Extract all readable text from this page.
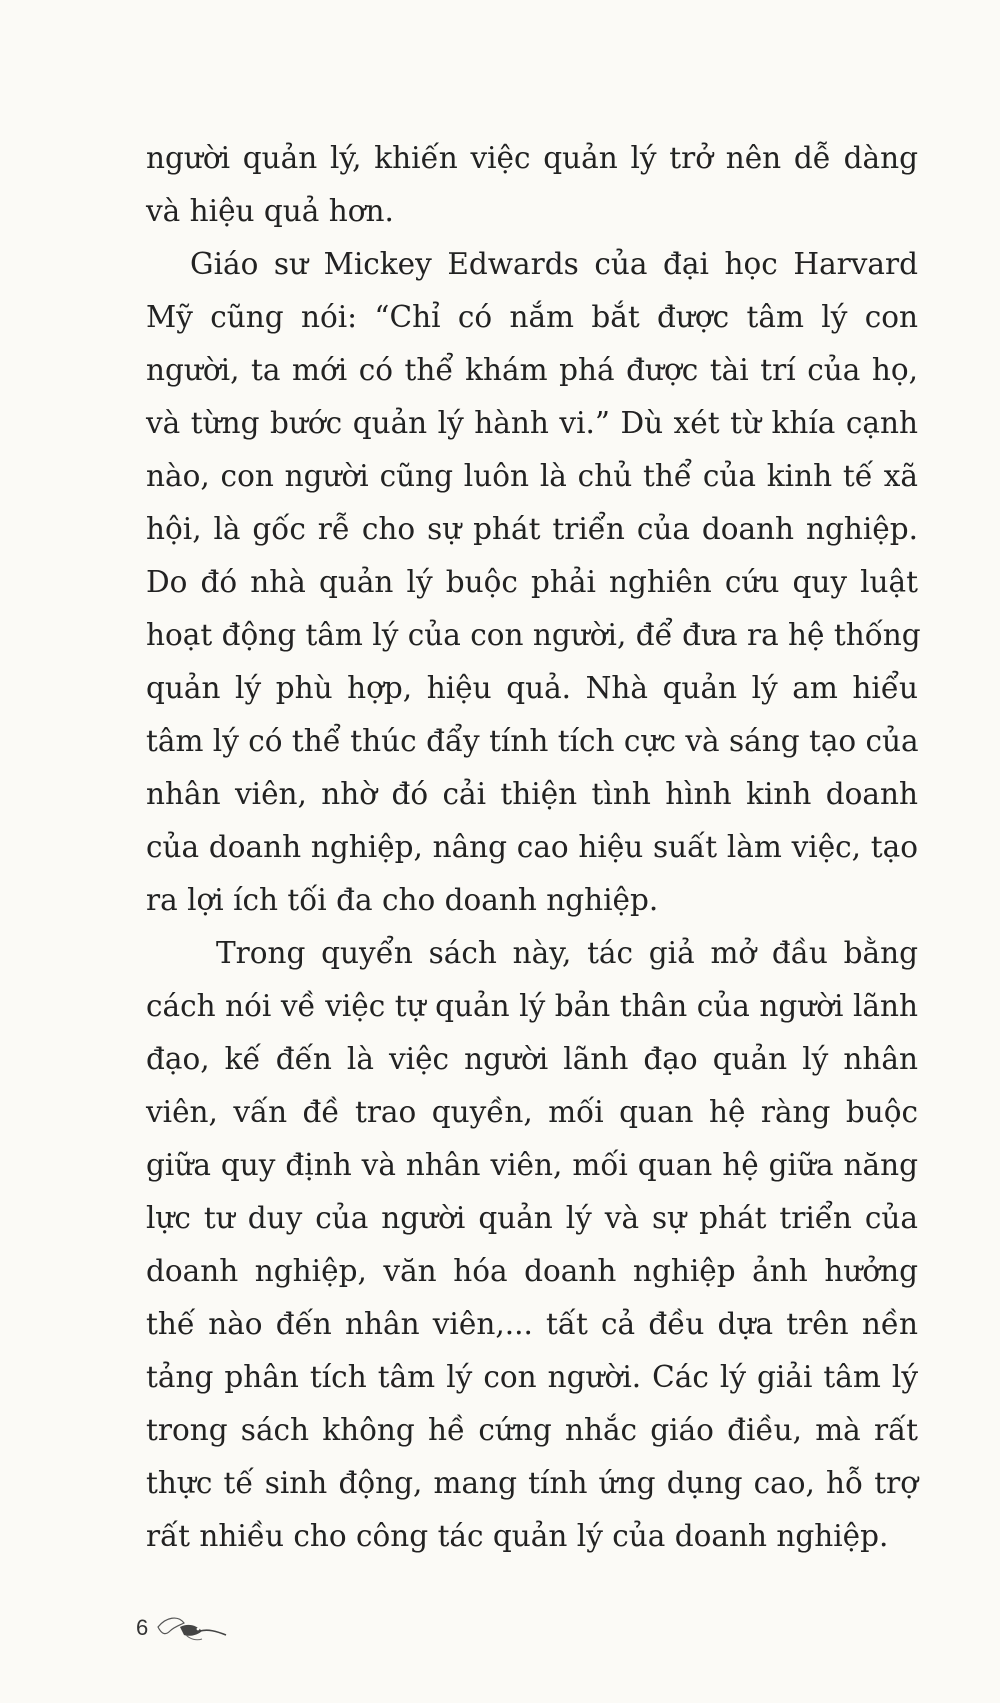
người quản lý, khiến việc quản lý trở nên dễ dàng
và hiệu quả hơn.
Giáo sư Mickey Edwards của đại học Harvard
Mỹ cũng nói: “Chỉ có nắm bắt được tâm lý con
người, ta mới có thể khám phá được tài trí của họ,
và từng bước quản lý hành vi.” Dù xét từ khía cạnh
nào, con người cũng luôn là chủ thể của kinh tế xã
hội, là gốc rễ cho sự phát triển của doanh nghiệp.
Do đó nhà quản lý buộc phải nghiên cứu quy luật
hoạt động tâm lý của con người, để đưa ra hệ thống
quản lý phù hợp, hiệu quả. Nhà quản lý am hiểu
tâm lý có thể thúc đẩy tính tích cực và sáng tạo của
nhân viên, nhờ đó cải thiện tình hình kinh doanh
của doanh nghiệp, nâng cao hiệu suất làm việc, tạo
ra lợi ích tối đa cho doanh nghiệp.
Trong quyển sách này, tác giả mở đầu bằng
cách nói về việc tự quản lý bản thân của người lãnh
đạo, kế đến là việc người lãnh đạo quản lý nhân
viên, vấn đề trao quyền, mối quan hệ ràng buộc
giữa quy định và nhân viên, mối quan hệ giữa năng
lực tư duy của người quản lý và sự phát triển của
doanh nghiệp, văn hóa doanh nghiệp ảnh hưởng
thế nào đến nhân viên,... tất cả đều dựa trên nền
tảng phân tích tâm lý con người. Các lý giải tâm lý
trong sách không hề cứng nhắc giáo điều, mà rất
thực tế sinh động, mang tính ứng dụng cao, hỗ trợ
rất nhiều cho công tác quản lý của doanh nghiệp.
6
